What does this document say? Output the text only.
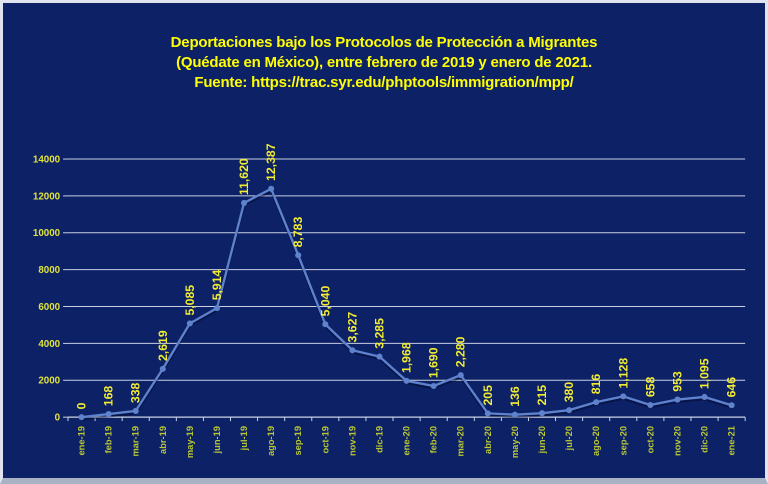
Deportaciones bajo los Protocolos de Protección a Migrantes
(Quédate en México), entre febrero de 2019 y enero de 2021.
Fuente: https://trac.syr.edu/phptools/immigration/mpp/
0
2000
4000
6000
8000
10000
12000
14000
ene-19 feb-19 mar-19 abr-19 may-19 jun-19 jul-19 ago-19 sep-19 oct-19 nov-19 dic-19 ene-20 feb-20 mar-20 abr-20 may-20 jun-20 jul-20 ago-20 sep-20 oct-20 nov-20 dic-20 ene-21
0 168 338
2,619
5,085 5,914
11,620 12,387
8,783
5,040
3,627 3,285
1,968 1,690 2,280
205 136 215 380 816 1,128 658 953 1,095 646
